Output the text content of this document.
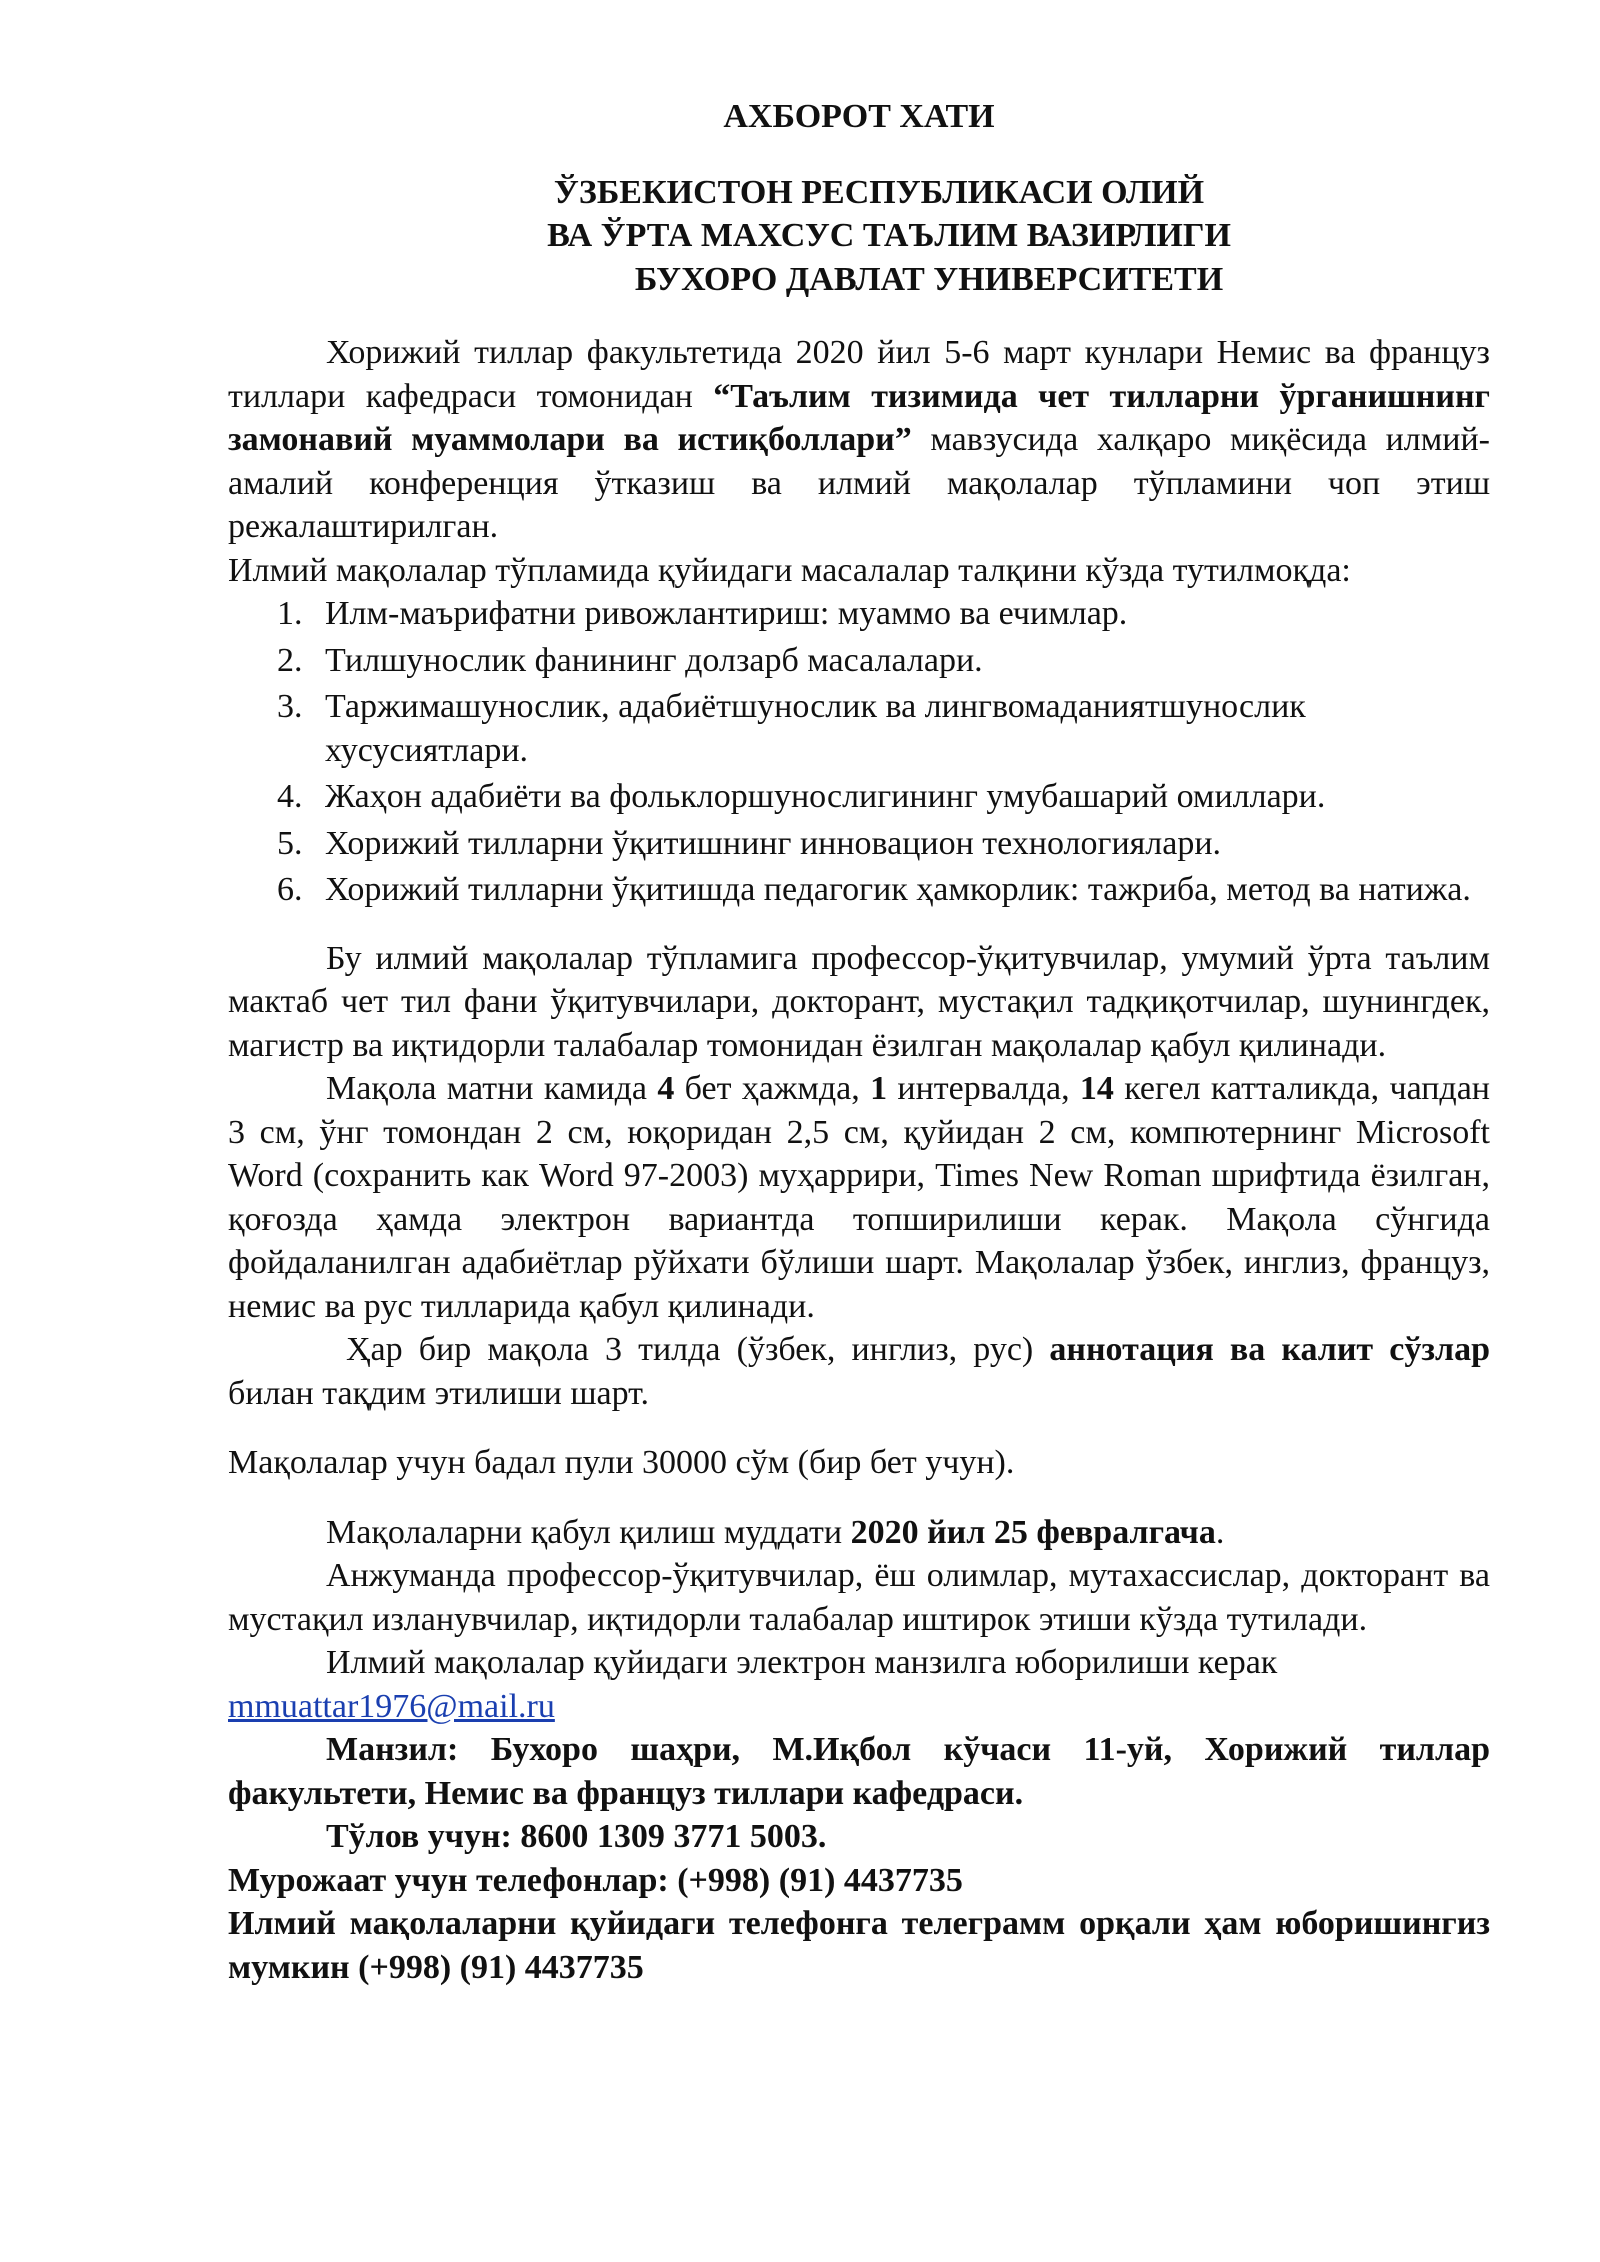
АХБОРОТ ХАТИ
ЎЗБЕКИСТОН РЕСПУБЛИКАСИ ОЛИЙ
ВА ЎРТА МАХСУС ТАЪЛИМ ВАЗИРЛИГИ
БУХОРО ДАВЛАТ УНИВЕРСИТЕТИ

Хорижий тиллар факультетида 2020 йил 5-6 март кунлари Немис ва француз тиллари кафедраси томонидан “Таълим тизимида чет тилларни ўрганишнинг замонавий муаммолари ва истиқболлари” мавзусида халқаро миқёсида илмий-амалий конференция ўтказиш ва илмий мақолалар тўпламини чоп этиш режалаштирилган.

Илмий мақолалар тўпламида қуйидаги масалалар талқини кўзда тутилмоқда:

1. Илм-маърифатни ривожлантириш: муаммо ва ечимлар.
2. Тилшунослик фанининг долзарб масалалари.
3. Таржимашунослик, адабиётшунослик ва лингвомаданиятшунослик хусусиятлари.
4. Жаҳон адабиёти ва фольклоршунослигининг умубашарий омиллари.
5. Хорижий тилларни ўқитишнинг инновацион технологиялари.
6. Хорижий тилларни ўқитишда педагогик ҳамкорлик: тажриба, метод ва натижа.

Бу илмий мақолалар тўпламига профессор-ўқитувчилар, умумий ўрта таълим мактаб чет тил фани ўқитувчилари, докторант, мустақил тадқиқотчилар, шунингдек, магистр ва иқтидорли талабалар томонидан ёзилган мақолалар қабул қилинади.

Мақола матни камида 4 бет ҳажмда, 1 интервалда, 14 кегел катталикда, чапдан 3 см, ўнг томондан 2 см, юқоридан 2,5 см, қуйидан 2 см, компютернинг Microsoft Word (сохранить как Word 97-2003) муҳаррири, Times New Roman шрифтида ёзилган, қоғозда ҳамда электрон вариантда топширилиши керак. Мақола сўнгида фойдаланилган адабиётлар рўйхати бўлиши шарт. Мақолалар ўзбек, инглиз, француз, немис ва рус тилларида қабул қилинади.

Ҳар бир мақола 3 тилда (ўзбек, инглиз, рус) аннотация ва калит сўзлар билан тақдим этилиши шарт.

Мақолалар учун бадал пули 30000 сўм (бир бет учун).

Мақолаларни қабул қилиш муддати 2020 йил 25 февралгача.

Анжуманда профессор-ўқитувчилар, ёш олимлар, мутахассислар, докторант ва мустақил изланувчилар, иқтидорли талабалар иштирок этиши кўзда тутилади.

Илмий мақолалар қуйидаги электрон манзилга юборилиши керак

mmuattar1976@mail.ru

Манзил: Бухоро шаҳри, М.Иқбол кўчаси 11-уй, Хорижий тиллар факультети, Немис ва француз тиллари кафедраси.

Тўлов учун: 8600 1309 3771 5003.

Мурожаат учун телефонлар: (+998) (91) 4437735

Илмий мақолаларни қуйидаги телефонга телеграмм орқали ҳам юборишингиз мумкин (+998) (91) 4437735
